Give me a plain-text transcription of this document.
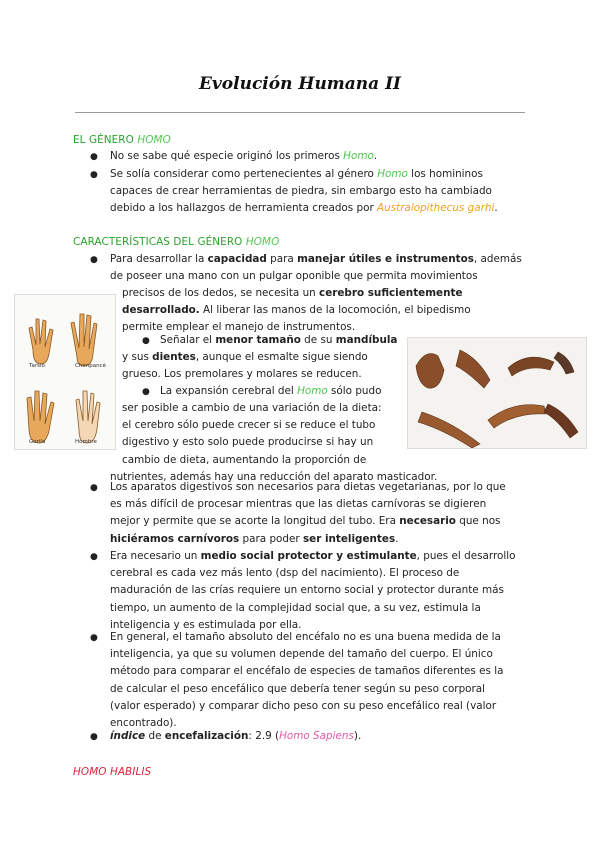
Evolución Humana II
EL GÉNERO HOMO
● No se sabe qué especie originó los primeros Homo.
● Se solía considerar como pertenecientes al género Homo los homininos
capaces de crear herramientas de piedra, sin embargo esto ha cambiado
debido a los hallazgos de herramienta creados por Australopithecus garhi.
CARACTERÍSTICAS DEL GÉNERO HOMO
● Para desarrollar la capacidad para manejar útiles e instrumentos, además
de poseer una mano con un pulgar oponible que permita movimientos
precisos de los dedos, se necesita un cerebro suficientemente
desarrollado. Al liberar las manos de la locomoción, el bipedismo
permite emplear el manejo de instrumentos.
Tarsio	Chimpancé
Gorila	Hombre
● Señalar el menor tamaño de su mandíbula
y sus dientes, aunque el esmalte sigue siendo
grueso. Los premolares y molares se reducen.
● La expansión cerebral del Homo sólo pudo
ser posible a cambio de una variación de la dieta:
el cerebro sólo puede crecer si se reduce el tubo
digestivo y esto solo puede producirse si hay un
cambio de dieta, aumentando la proporción de
nutrientes, además hay una reducción del aparato masticador.
● Los aparatos digestivos son necesarios para dietas vegetarianas, por lo que
es más difícil de procesar mientras que las dietas carnívoras se digieren
mejor y permite que se acorte la longitud del tubo. Era necesario que nos
hiciéramos carnívoros para poder ser inteligentes.
● Era necesario un medio social protector y estimulante, pues el desarrollo
cerebral es cada vez más lento (dsp del nacimiento). El proceso de
maduración de las crías requiere un entorno social y protector durante más
tiempo, un aumento de la complejidad social que, a su vez, estimula la
inteligencia y es estimulada por ella.
● En general, el tamaño absoluto del encéfalo no es una buena medida de la
inteligencia, ya que su volumen depende del tamaño del cuerpo. El único
método para comparar el encéfalo de especies de tamaños diferentes es la
de calcular el peso encefálico que debería tener según su peso corporal
(valor esperado) y comparar dicho peso con su peso encefálico real (valor
encontrado).
● índice de encefalización: 2.9 (Homo Sapiens).
HOMO HABILIS
